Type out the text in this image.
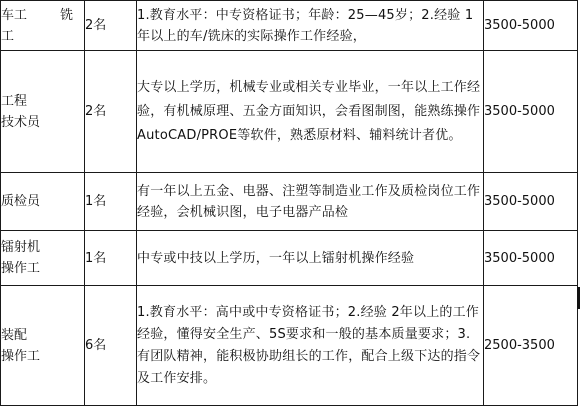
车工 铣
工	2名	1.教育水平：中专资格证书；年龄：25—45岁；2.经验 1年以上的车/铣床的实际操作工作经验，	3500-5000

工程
技术员	2名	大专以上学历，机械专业或相关专业毕业，一年以上工作经验，有机械原理、五金方面知识，会看图制图，能熟练操作AutoCAD/PROE等软件，熟悉原材料、辅料统计者优。	3500-5000

质检员	1名	有一年以上五金、电器、注塑等制造业工作及质检岗位工作经验，会机械识图，电子电器产品检	3500-5000

镭射机
操作工	1名	中专或中技以上学历，一年以上镭射机操作经验	3500-5000

装配
操作工	6名	1.教育水平：高中或中专资格证书；2.经验 2年以上的工作经验，懂得安全生产、5S要求和一般的基本质量要求；3.有团队精神，能积极协助组长的工作，配合上级下达的指令及工作安排。	2500-3500
